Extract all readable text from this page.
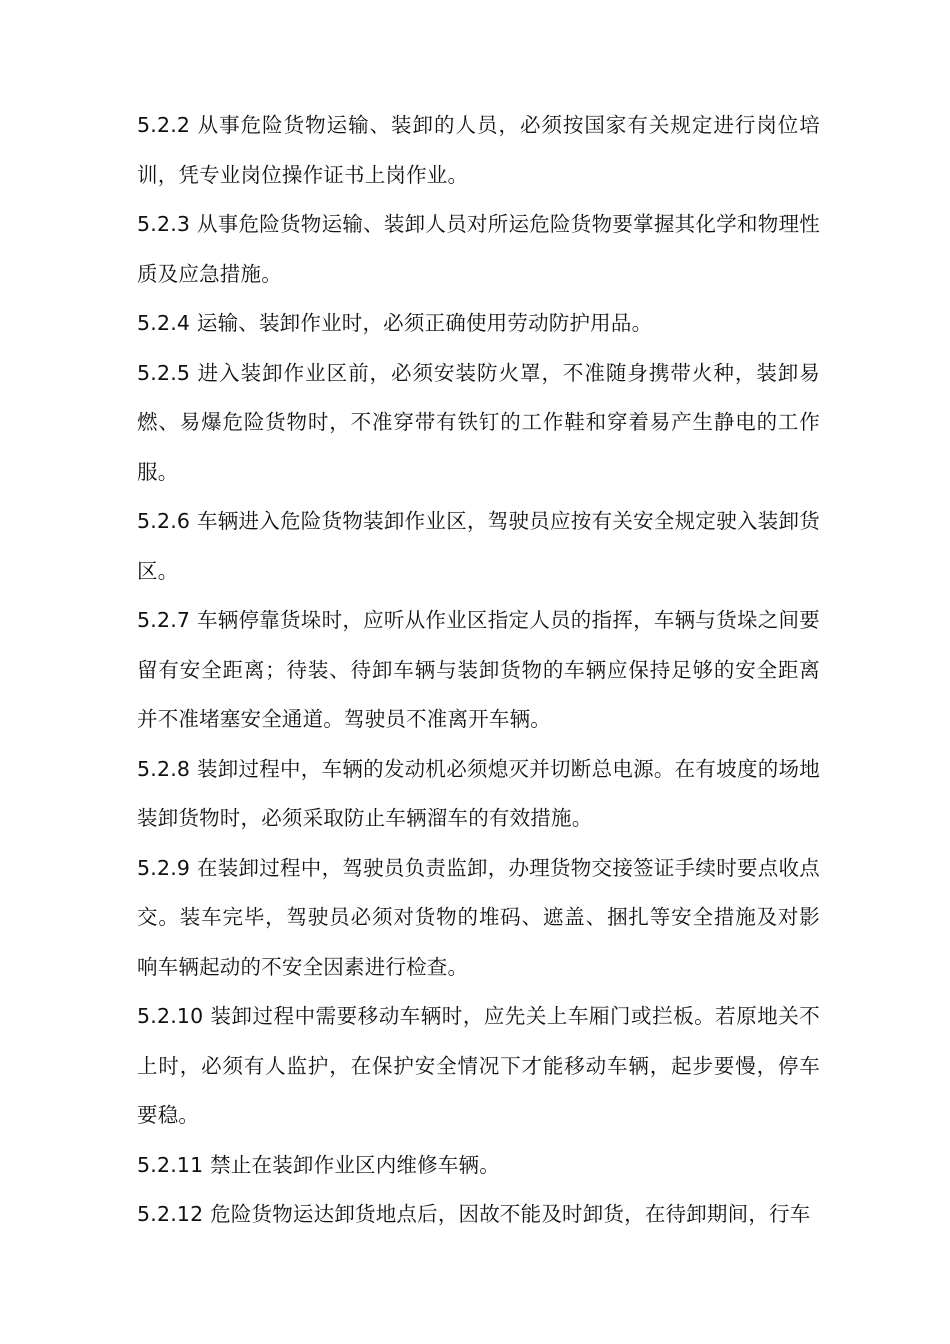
5.2.2 从事危险货物运输、装卸的人员，必须按国家有关规定进行岗位培训，凭专业岗位操作证书上岗作业。

5.2.3 从事危险货物运输、装卸人员对所运危险货物要掌握其化学和物理性质及应急措施。

5.2.4 运输、装卸作业时，必须正确使用劳动防护用品。

5.2.5 进入装卸作业区前，必须安装防火罩，不准随身携带火种，装卸易燃、易爆危险货物时，不准穿带有铁钉的工作鞋和穿着易产生静电的工作服。

5.2.6 车辆进入危险货物装卸作业区，驾驶员应按有关安全规定驶入装卸货区。

5.2.7 车辆停靠货垛时，应听从作业区指定人员的指挥，车辆与货垛之间要留有安全距离；待装、待卸车辆与装卸货物的车辆应保持足够的安全距离并不准堵塞安全通道。驾驶员不准离开车辆。

5.2.8 装卸过程中，车辆的发动机必须熄灭并切断总电源。在有坡度的场地装卸货物时，必须采取防止车辆溜车的有效措施。

5.2.9 在装卸过程中，驾驶员负责监卸，办理货物交接签证手续时要点收点交。装车完毕，驾驶员必须对货物的堆码、遮盖、捆扎等安全措施及对影响车辆起动的不安全因素进行检查。

5.2.10 装卸过程中需要移动车辆时，应先关上车厢门或拦板。若原地关不上时，必须有人监护，在保护安全情况下才能移动车辆，起步要慢，停车要稳。

5.2.11 禁止在装卸作业区内维修车辆。

5.2.12 危险货物运达卸货地点后，因故不能及时卸货，在待卸期间，行车
